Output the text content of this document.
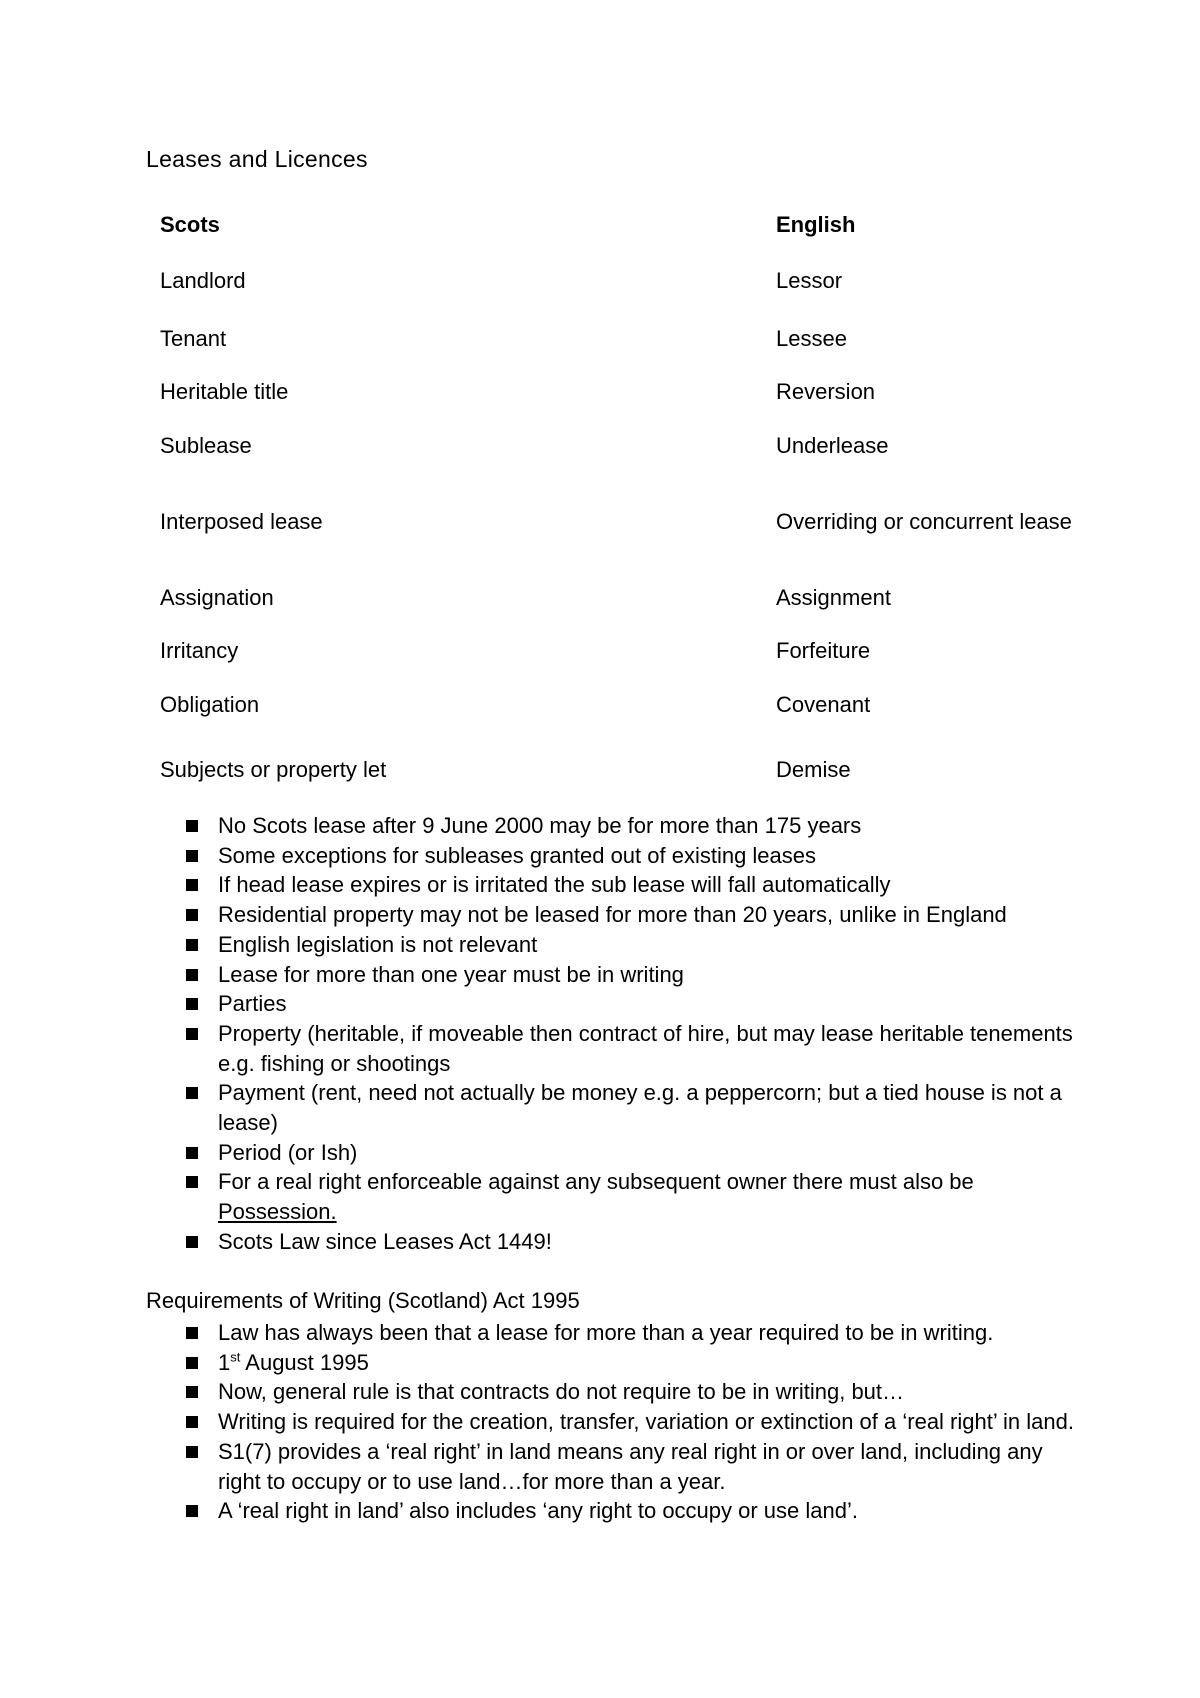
Leases and Licences
Scots	English
Landlord	Lessor
Tenant	Lessee
Heritable title	Reversion
Sublease	Underlease
Interposed lease	Overriding or concurrent lease
Assignation	Assignment
Irritancy	Forfeiture
Obligation	Covenant
Subjects or property let	Demise
No Scots lease after 9 June 2000 may be for more than 175 years
Some exceptions for subleases granted out of existing leases
If head lease expires or is irritated the sub lease will fall automatically
Residential property may not be leased for more than 20 years, unlike in England
English legislation is not relevant
Lease for more than one year must be in writing
Parties
Property (heritable, if moveable then contract of hire, but may lease heritable tenements e.g. fishing or shootings
Payment (rent, need not actually be money e.g. a peppercorn; but a tied house is not a lease)
Period (or Ish)
For a real right enforceable against any subsequent owner there must also be
Possession.
Scots Law since Leases Act 1449!
Requirements of Writing (Scotland) Act 1995
Law has always been that a lease for more than a year required to be in writing.
1st August 1995
Now, general rule is that contracts do not require to be in writing, but…
Writing is required for the creation, transfer, variation or extinction of a ‘real right’ in land.
S1(7) provides a ‘real right’ in land means any real right in or over land, including any right to occupy or to use land…for more than a year.
A ‘real right in land’ also includes ‘any right to occupy or use land’.
